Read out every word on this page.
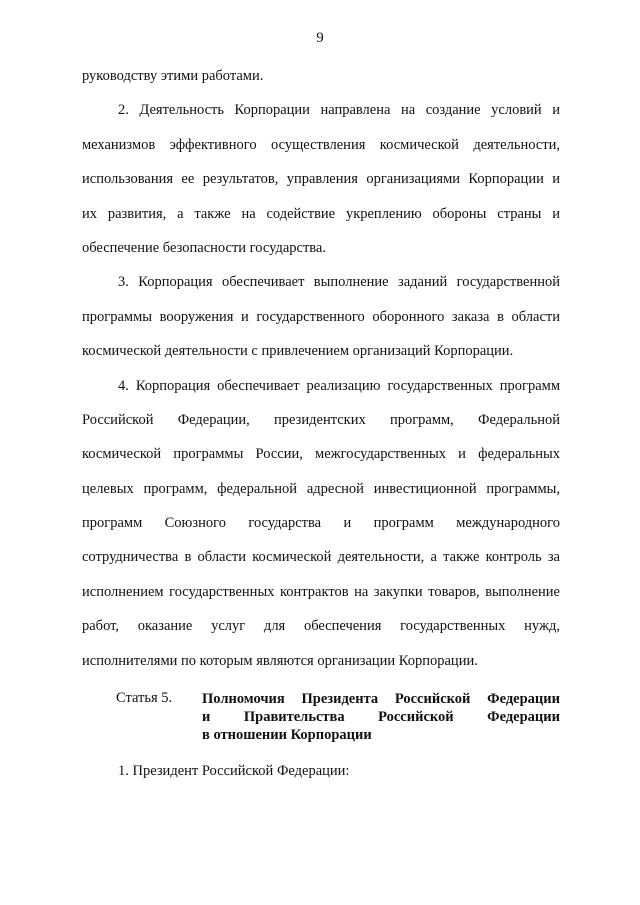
9
руководству этими работами.
2. Деятельность Корпорации направлена на создание условий и
механизмов эффективного осуществления космической деятельности,
использования ее результатов, управления организациями Корпорации и
их развития, а также на содействие укреплению обороны страны и
обеспечение безопасности государства.
3. Корпорация обеспечивает выполнение заданий государственной
программы вооружения и государственного оборонного заказа в области
космической деятельности с привлечением организаций Корпорации.
4. Корпорация обеспечивает реализацию государственных программ
Российской Федерации, президентских программ, Федеральной
космической программы России, межгосударственных и федеральных
целевых программ, федеральной адресной инвестиционной программы,
программ Союзного государства и программ международного
сотрудничества в области космической деятельности, а также контроль за
исполнением государственных контрактов на закупки товаров, выполнение
работ, оказание услуг для обеспечения государственных нужд,
исполнителями по которым являются организации Корпорации.
Статья 5. Полномочия Президента Российской Федерации
и Правительства Российской Федерации
в отношении Корпорации
1. Президент Российской Федерации:
